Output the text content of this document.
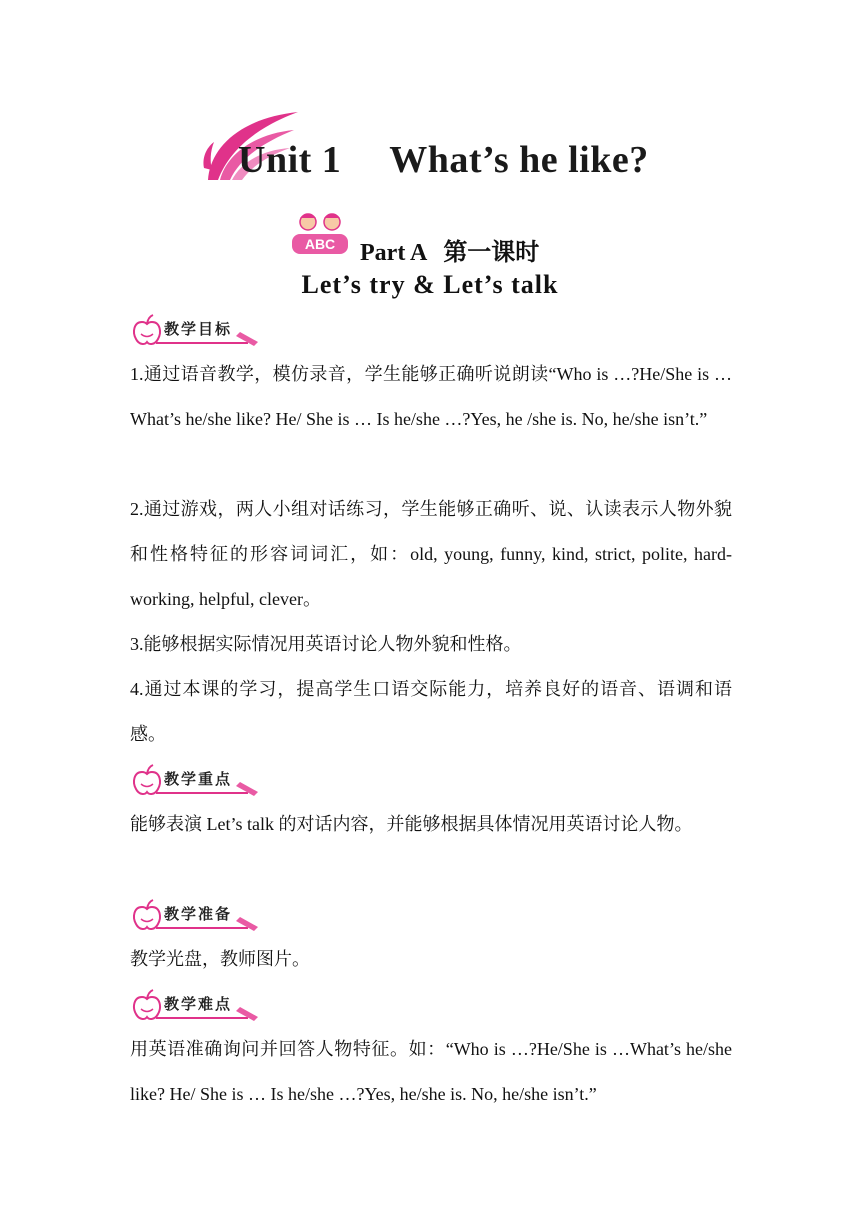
Unit 1 What’s he like?
ABC Part A 第一课时
Let’s try & Let’s talk
教学目标
1.通过语音教学，模仿录音，学生能够正确听说朗读“Who is …?He/She is …What’s he/she like? He/ She is … Is he/she …?Yes, he /she is. No, he/she isn’t.”
2.通过游戏，两人小组对话练习，学生能够正确听、说、认读表示人物外貌和性格特征的形容词词汇，如：old, young, funny, kind, strict, polite, hard-working, helpful, clever。
3.能够根据实际情况用英语讨论人物外貌和性格。
4.通过本课的学习，提高学生口语交际能力，培养良好的语音、语调和语感。
教学重点
能够表演 Let’s talk 的对话内容，并能够根据具体情况用英语讨论人物。
教学准备
教学光盘，教师图片。
教学难点
用英语准确询问并回答人物特征。如：“Who is …?He/She is …What’s he/she like? He/ She is … Is he/she …?Yes, he/she is. No, he/she isn’t.”
